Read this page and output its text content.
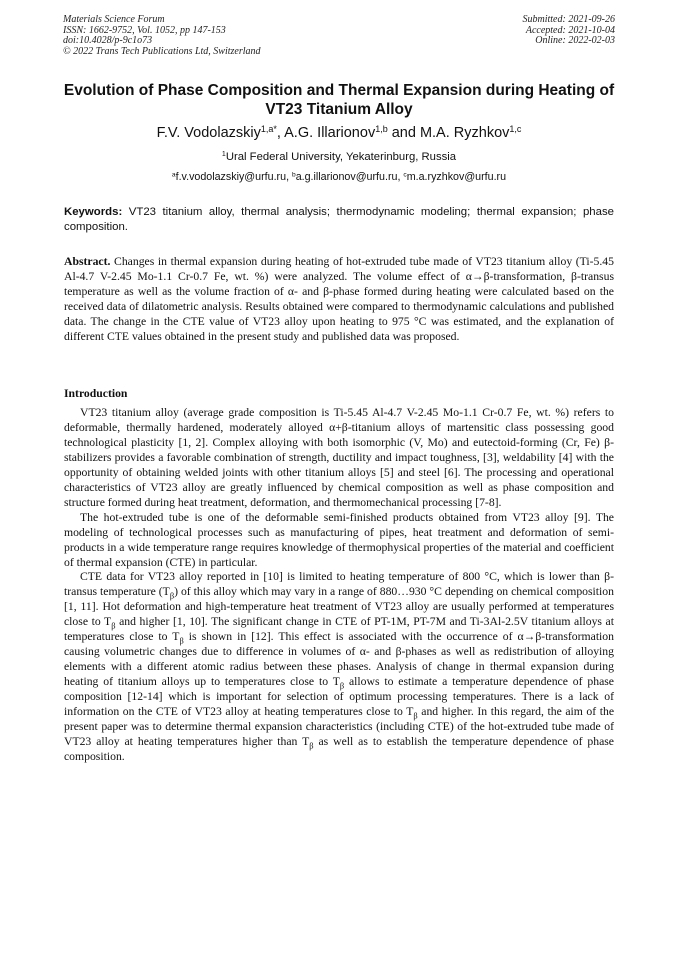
Materials Science Forum
ISSN: 1662-9752, Vol. 1052, pp 147-153
doi:10.4028/p-9c1o73
© 2022 Trans Tech Publications Ltd, Switzerland
Submitted: 2021-09-26
Accepted: 2021-10-04
Online: 2022-02-03
Evolution of Phase Composition and Thermal Expansion during Heating of VT23 Titanium Alloy
F.V. Vodolazskiy$^{1,a*}$, A.G. Illarionov$^{1,b}$ and M.A. Ryzhkov$^{1,c}$
$^1$Ural Federal University, Yekaterinburg, Russia
$^a$f.v.vodolazskiy@urfu.ru, $^b$a.g.illarionov@urfu.ru, $^c$m.a.ryzhkov@urfu.ru
Keywords: VT23 titanium alloy, thermal analysis; thermodynamic modeling; thermal expansion; phase composition.
Abstract. Changes in thermal expansion during heating of hot-extruded tube made of VT23 titanium alloy (Ti-5.45 Al-4.7 V-2.45 Mo-1.1 Cr-0.7 Fe, wt. %) were analyzed. The volume effect of α→β-transformation, β-transus temperature as well as the volume fraction of α- and β-phase formed during heating were calculated based on the received data of dilatometric analysis. Results obtained were compared to thermodynamic calculations and published data. The change in the CTE value of VT23 alloy upon heating to 975 °C was estimated, and the explanation of different CTE values obtained in the present study and published data was proposed.
Introduction

VT23 titanium alloy (average grade composition is Ti-5.45 Al-4.7 V-2.45 Mo-1.1 Cr-0.7 Fe, wt. %) refers to deformable, thermally hardened, moderately alloyed α+β-titanium alloys of martensitic class possessing good technological plasticity [1, 2]. Complex alloying with both isomorphic (V, Mo) and eutectoid-forming (Cr, Fe) β-stabilizers provides a favorable combination of strength, ductility and impact toughness, [3], weldability [4] with the opportunity of obtaining welded joints with other titanium alloys [5] and steel [6]. The processing and operational characteristics of VT23 alloy are greatly influenced by chemical composition as well as phase composition and structure formed during heat treatment, deformation, and thermomechanical processing [7-8].

The hot-extruded tube is one of the deformable semi-finished products obtained from VT23 alloy [9]. The modeling of technological processes such as manufacturing of pipes, heat treatment and deformation of semi-products in a wide temperature range requires knowledge of thermophysical properties of the material and coefficient of thermal expansion (CTE) in particular.

CTE data for VT23 alloy reported in [10] is limited to heating temperature of 800 °C, which is lower than β-transus temperature $(T_\beta)$ of this alloy which may vary in a range of 880…930 °C depending on chemical composition [1, 11]. Hot deformation and high-temperature heat treatment of VT23 alloy are usually performed at temperatures close to $T_\beta$ and higher [1, 10]. The significant change in CTE of PT-1M, PT-7M and Ti-3Al-2.5V titanium alloys at temperatures close to $T_\beta$ is shown in [12]. This effect is associated with the occurrence of α→β-transformation causing volumetric changes due to difference in volumes of α- and β-phases as well as redistribution of alloying elements with a different atomic radius between these phases. Analysis of change in thermal expansion during heating of titanium alloys up to temperatures close to $T_\beta$ allows to estimate a temperature dependence of phase composition [12-14] which is important for selection of optimum processing temperatures. There is a lack of information on the CTE of VT23 alloy at heating temperatures close to $T_\beta$ and higher. In this regard, the aim of the present paper was to determine thermal expansion characteristics (including CTE) of the hot-extruded tube made of VT23 alloy at heating temperatures higher than $T_\beta$ as well as to establish the temperature dependence of phase composition.
